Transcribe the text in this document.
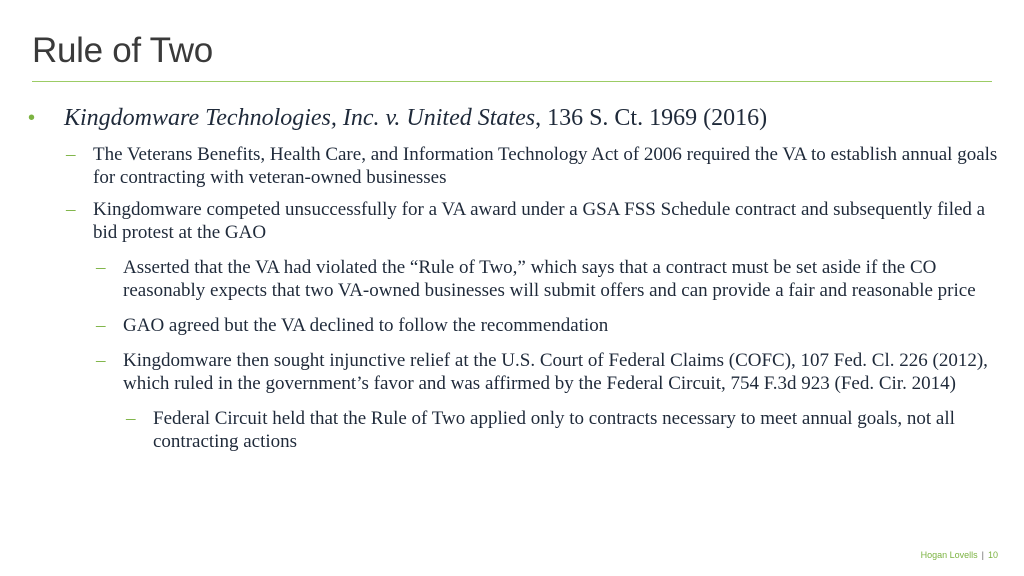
Rule of Two
• Kingdomware Technologies, Inc. v. United States, 136 S. Ct. 1969 (2016)
– The Veterans Benefits, Health Care, and Information Technology Act of 2006 required the VA to establish annual goals for contracting with veteran-owned businesses
– Kingdomware competed unsuccessfully for a VA award under a GSA FSS Schedule contract and subsequently filed a bid protest at the GAO
– Asserted that the VA had violated the “Rule of Two,” which says that a contract must be set aside if the CO reasonably expects that two VA-owned businesses will submit offers and can provide a fair and reasonable price
– GAO agreed but the VA declined to follow the recommendation
– Kingdomware then sought injunctive relief at the U.S. Court of Federal Claims (COFC), 107 Fed. Cl. 226 (2012), which ruled in the government’s favor and was affirmed by the Federal Circuit, 754 F.3d 923 (Fed. Cir. 2014)
– Federal Circuit held that the Rule of Two applied only to contracts necessary to meet annual goals, not all contracting actions
Hogan Lovells | 10
